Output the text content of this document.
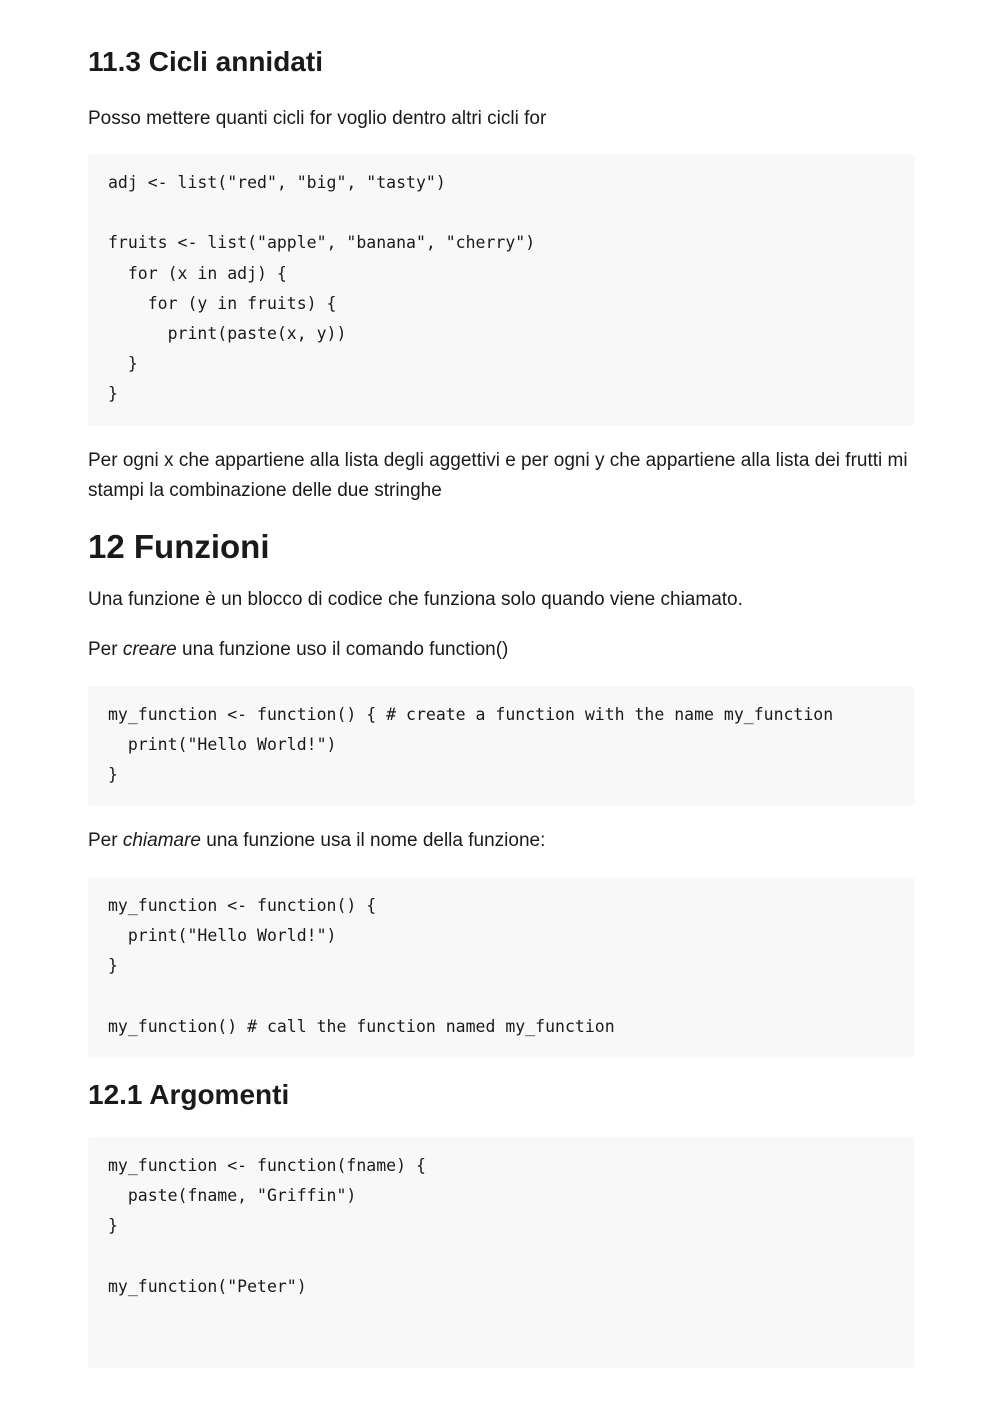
11.3 Cicli annidati

Posso mettere quanti cicli for voglio dentro altri cicli for

adj <- list("red", "big", "tasty")

fruits <- list("apple", "banana", "cherry")
for (x in adj) {
for (y in fruits) {
print(paste(x, y))
}
}

Per ogni x che appartiene alla lista degli aggettivi e per ogni y che appartiene alla lista dei frutti mi stampi la combinazione delle due stringhe

12 Funzioni

Una funzione è un blocco di codice che funziona solo quando viene chiamato.

Per creare una funzione uso il comando function()

my_function <- function() { # create a function with the name my_function
print("Hello World!")
}

Per chiamare una funzione usa il nome della funzione:

my_function <- function() {
print("Hello World!")
}

my_function() # call the function named my_function
12.1 Argomenti
my_function <- function(fname) {
paste(fname, "Griffin")
}

my_function("Peter")
